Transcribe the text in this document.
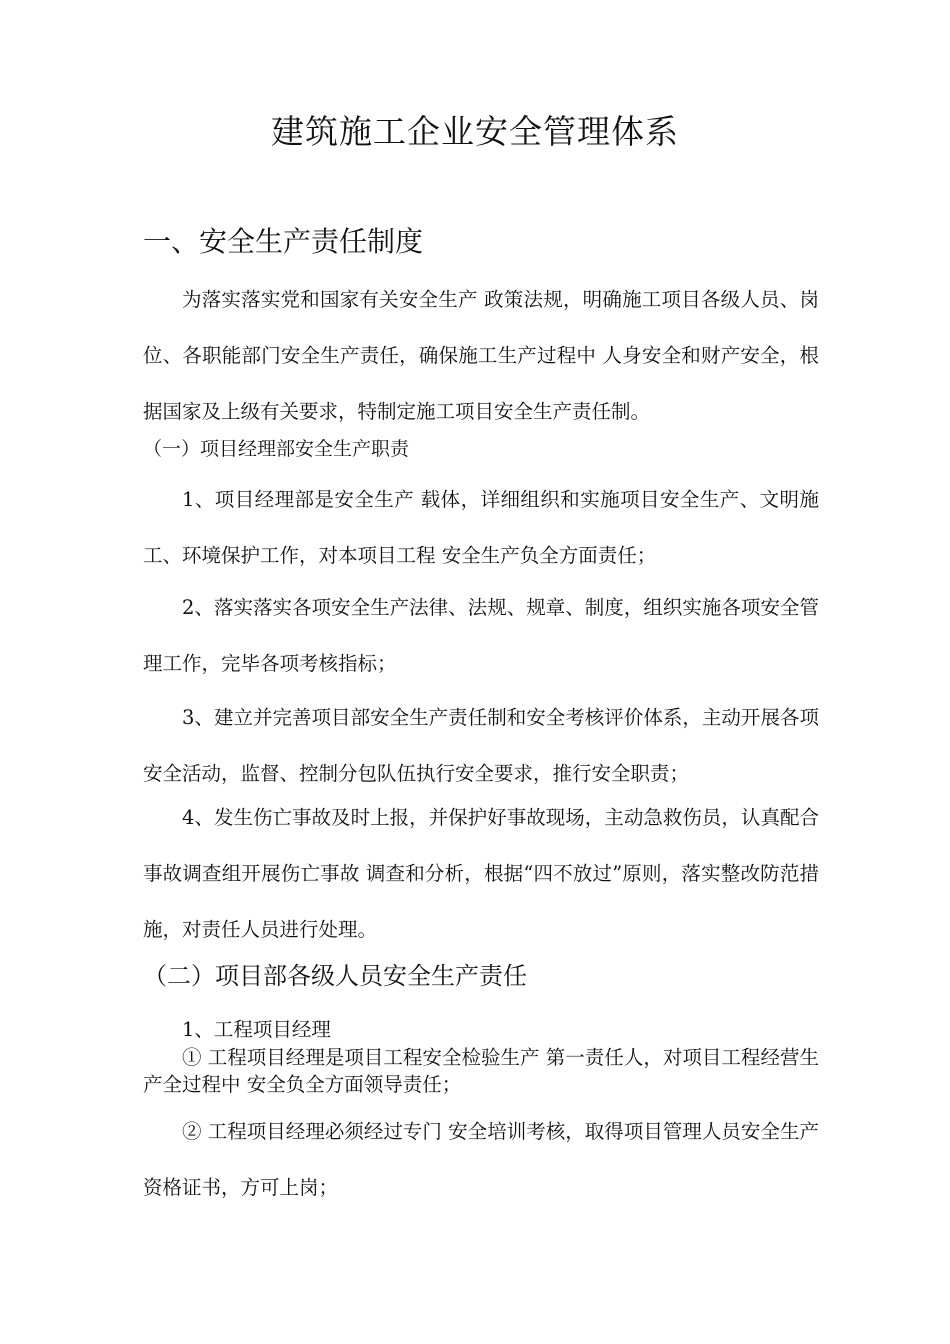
建筑施工企业安全管理体系
一、安全生产责任制度
为落实落实党和国家有关安全生产 政策法规，明确施工项目各级人员、岗位、各职能部门安全生产责任，确保施工生产过程中 人身安全和财产安全，根据国家及上级有关要求，特制定施工项目安全生产责任制。
（一）项目经理部安全生产职责
1、项目经理部是安全生产 载体，详细组织和实施项目安全生产、文明施工、环境保护工作，对本项目工程 安全生产负全方面责任；
2、落实落实各项安全生产法律、法规、规章、制度，组织实施各项安全管理工作，完毕各项考核指标；
3、建立并完善项目部安全生产责任制和安全考核评价体系，主动开展各项安全活动，监督、控制分包队伍执行安全要求，推行安全职责；
4、发生伤亡事故及时上报，并保护好事故现场，主动急救伤员，认真配合事故调查组开展伤亡事故 调查和分析，根据“四不放过”原则，落实整改防范措施，对责任人员进行处理。
（二）项目部各级人员安全生产责任
1、工程项目经理
① 工程项目经理是项目工程安全检验生产 第一责任人，对项目工程经营生产全过程中 安全负全方面领导责任；
② 工程项目经理必须经过专门 安全培训考核，取得项目管理人员安全生产资格证书，方可上岗；
